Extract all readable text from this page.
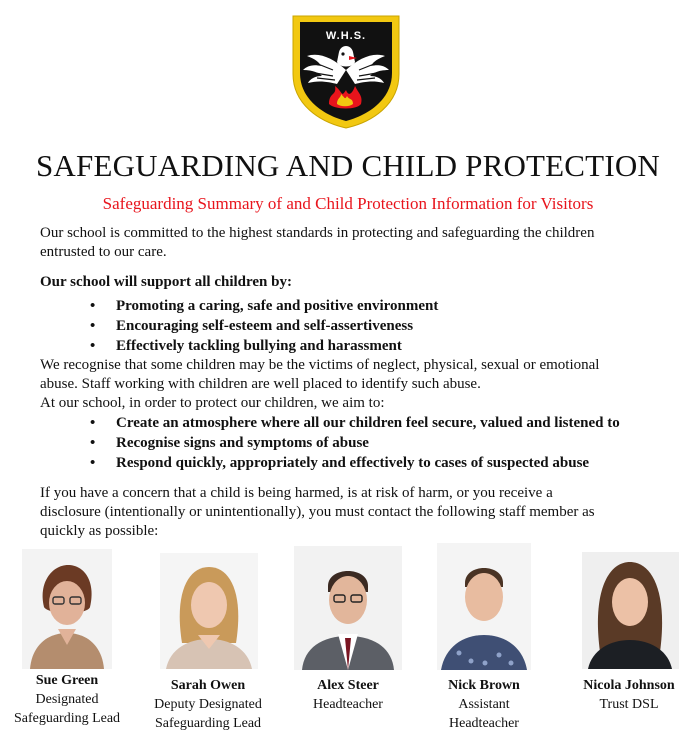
W.H.S.
SAFEGUARDING AND CHILD PROTECTION
Safeguarding Summary of and Child Protection Information for Visitors
Our school is committed to the highest standards in protecting and safeguarding the children
entrusted to our care.
Our school will support all children by:
• Promoting a caring, safe and positive environment
• Encouraging self-esteem and self-assertiveness
• Effectively tackling bullying and harassment
We recognise that some children may be the victims of neglect, physical, sexual or emotional
abuse. Staff working with children are well placed to identify such abuse.
At our school, in order to protect our children, we aim to:
• Create an atmosphere where all our children feel secure, valued and listened to
• Recognise signs and symptoms of abuse
• Respond quickly, appropriately and effectively to cases of suspected abuse
If you have a concern that a child is being harmed, is at risk of harm, or you receive a
disclosure (intentionally or unintentionally), you must contact the following staff member as
quickly as possible:
Sue Green
Designated
Safeguarding Lead
Sarah Owen
Deputy Designated
Safeguarding Lead
Alex Steer
Headteacher
Nick Brown
Assistant
Headteacher
Nicola Johnson
Trust DSL
